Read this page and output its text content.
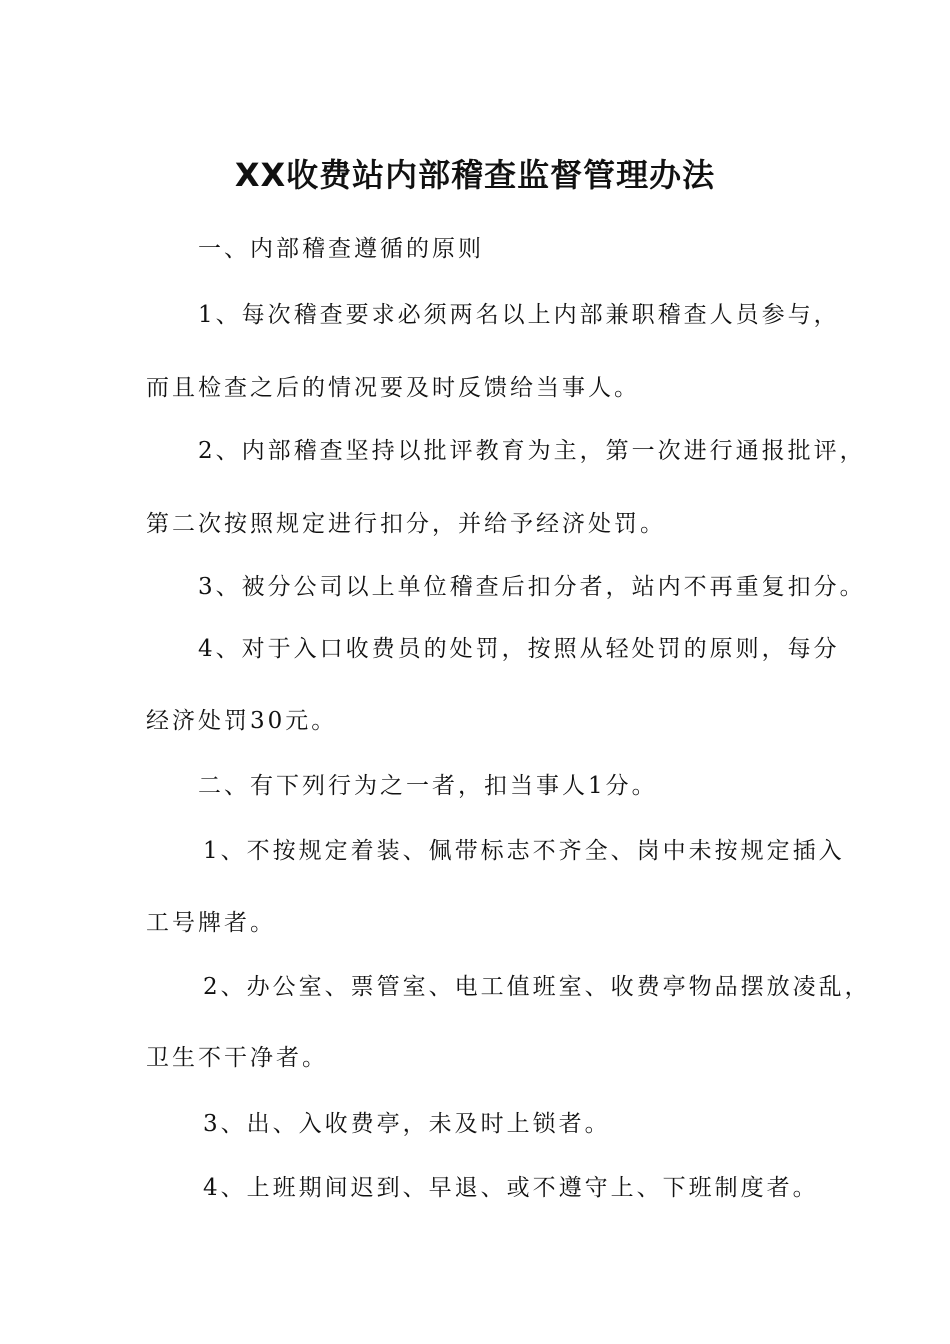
XX收费站内部稽查监督管理办法

一、内部稽查遵循的原则

1、每次稽查要求必须两名以上内部兼职稽查人员参与，

而且检查之后的情况要及时反馈给当事人。

2、内部稽查坚持以批评教育为主，第一次进行通报批评，

第二次按照规定进行扣分，并给予经济处罚。

3、被分公司以上单位稽查后扣分者，站内不再重复扣分。

4、对于入口收费员的处罚，按照从轻处罚的原则，每分

经济处罚30元。

二、有下列行为之一者，扣当事人1分。

1、不按规定着装、佩带标志不齐全、岗中未按规定插入

工号牌者。

2、办公室、票管室、电工值班室、收费亭物品摆放凌乱，

卫生不干净者。

3、出、入收费亭，未及时上锁者。

4、上班期间迟到、早退、或不遵守上、下班制度者。
